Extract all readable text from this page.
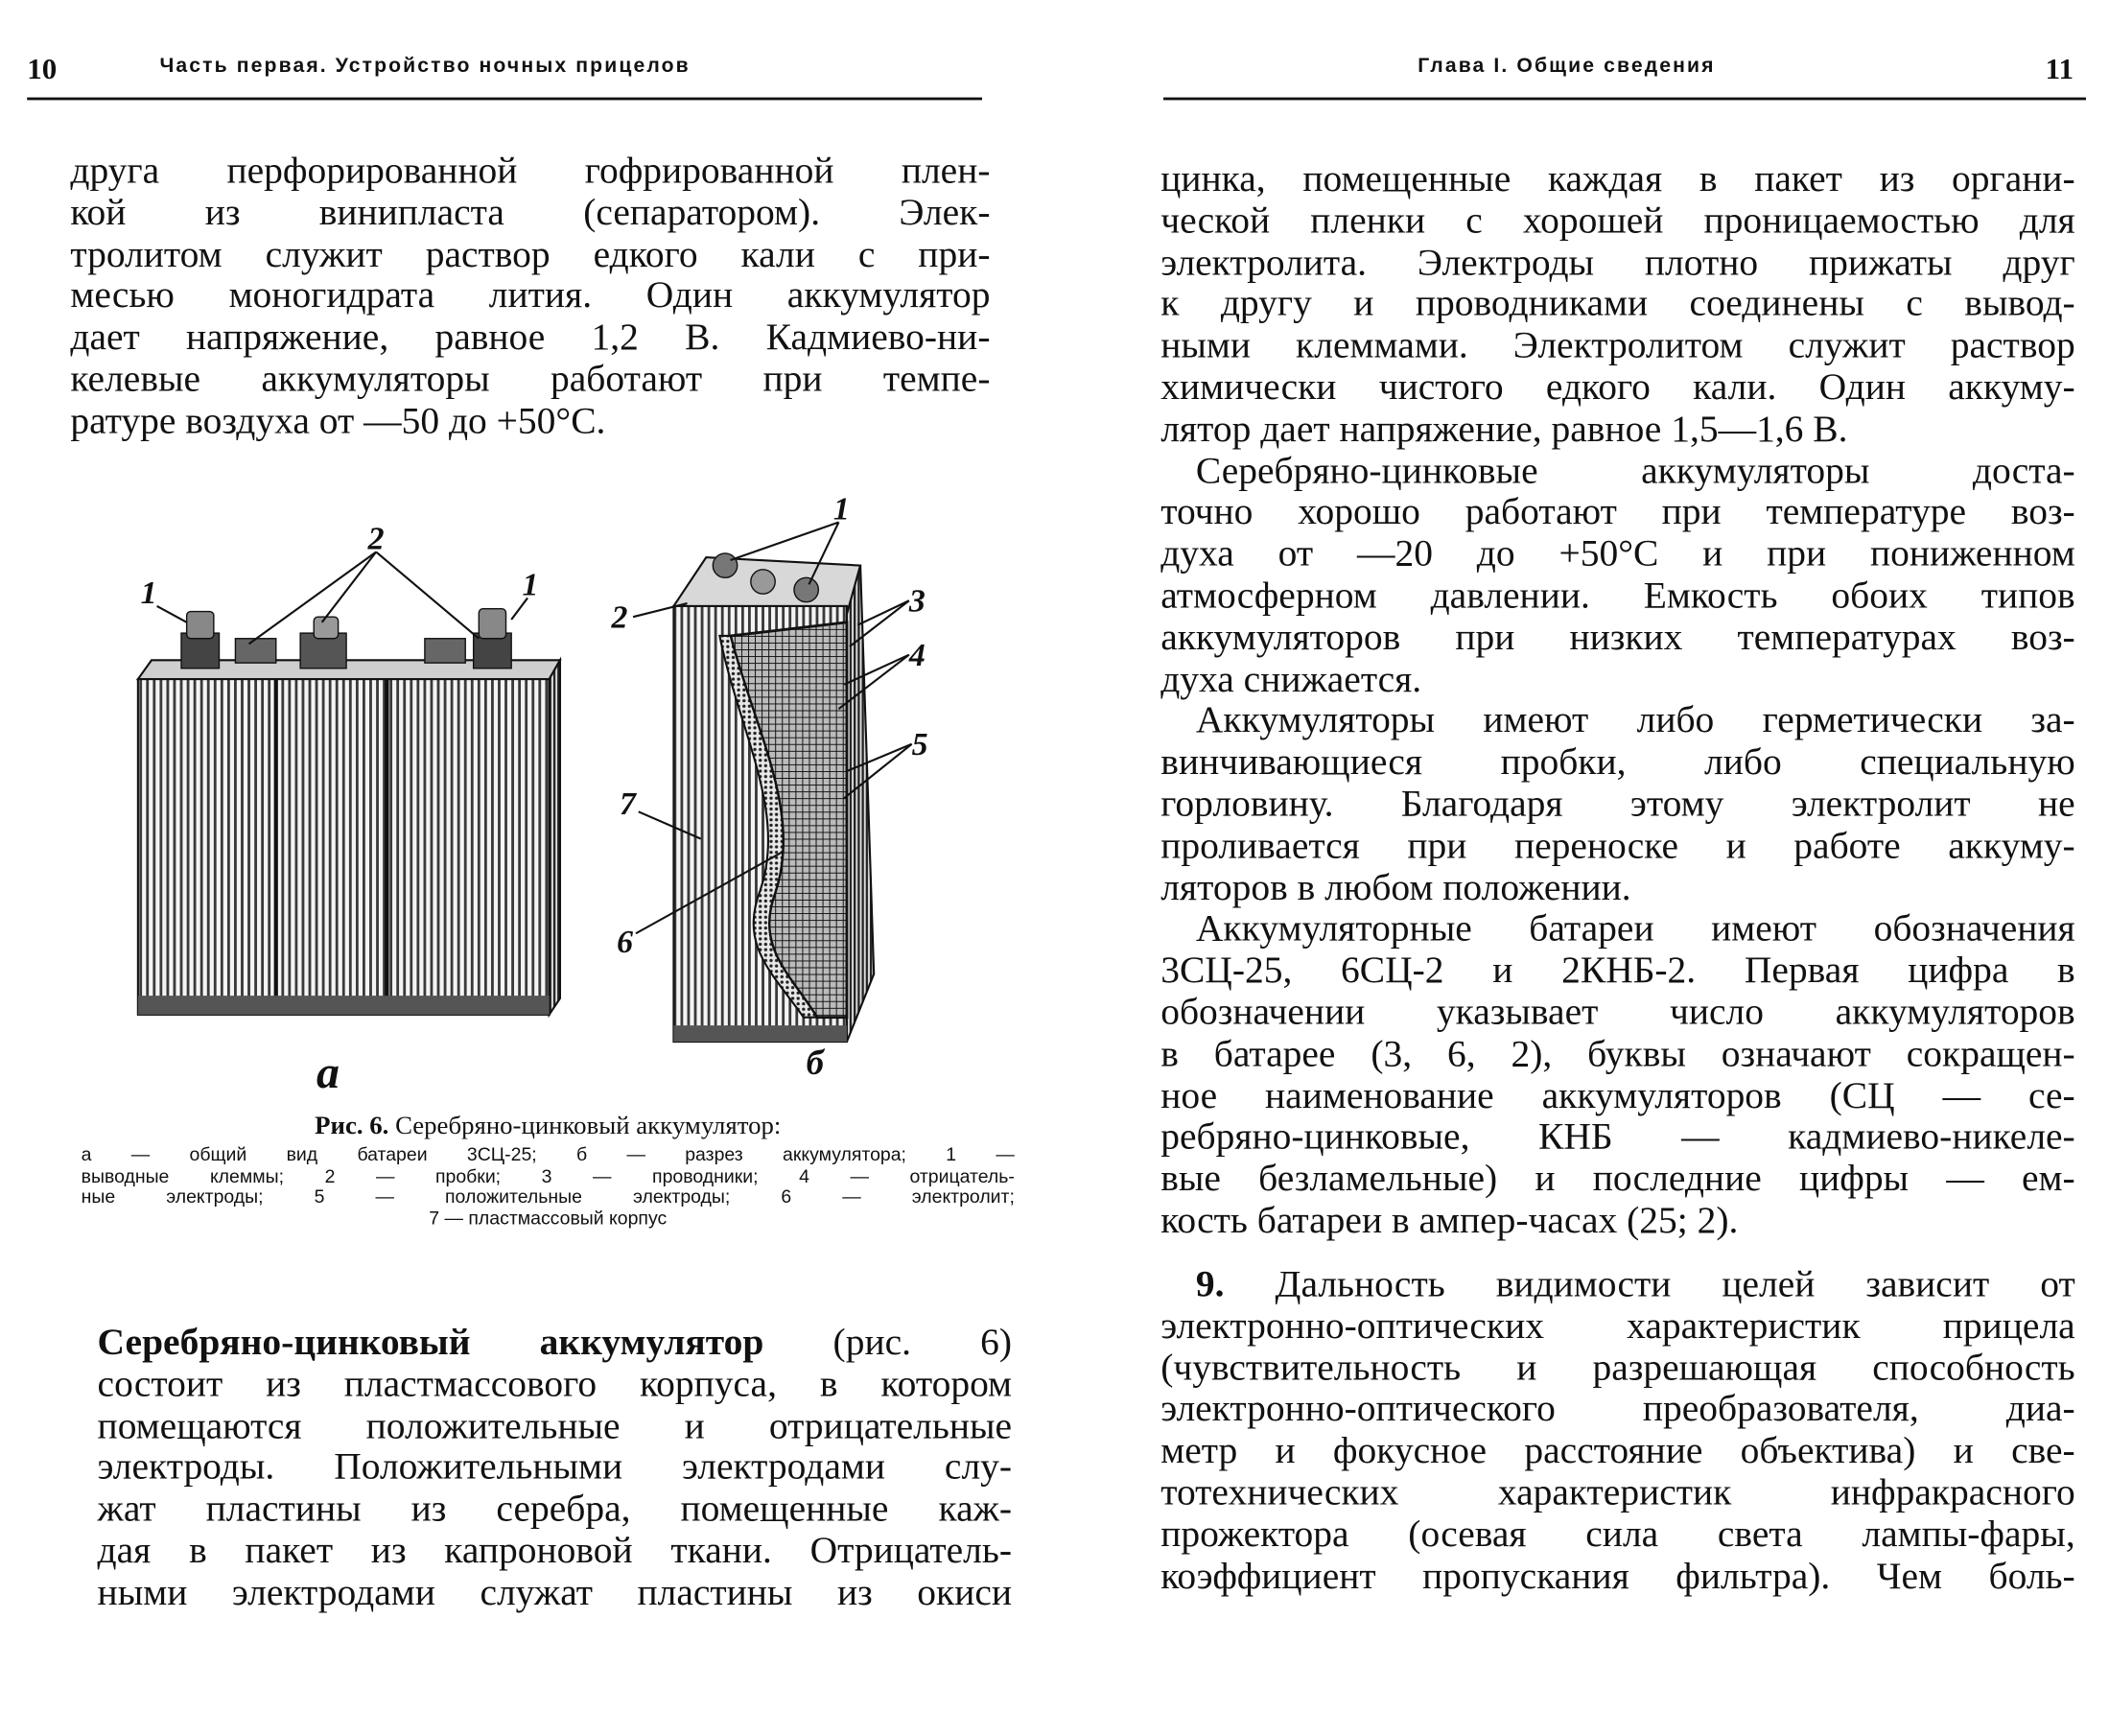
10	Часть первая. Устройство ночных прицелов	Глава I. Общие сведения	11
друга перфорированной гофрированной плен-
кой из винипласта (сепаратором). Элек-
тролитом служит раствор едкого кали с при-
месью моногидрата лития. Один аккумулятор
дает напряжение, равное 1,2 В. Кадмиево-ни-
келевые аккумуляторы работают при темпе-
ратуре воздуха от —50 до +50°С.
1	1
2
1
2	3
4
5
7
6
а	б
Рис. 6. Серебряно-цинковый аккумулятор:
а — общий вид батареи 3СЦ-25; б — разрез аккумулятора; 1 —
выводные клеммы; 2 — пробки; 3 — проводники; 4 — отрицатель-
ные электроды; 5 — положительные электроды; 6 — электролит;
7 — пластмассовый корпус
Серебряно-цинковый аккумулятор	(рис. 6)
состоит из пластмассового корпуса, в котором
помещаются положительные и отрицательные
электроды. Положительными электродами слу-
жат пластины из серебра, помещенные каж-
дая в пакет из капроновой ткани. Отрицатель-
ными электродами служат пластины из окиси
цинка, помещенные каждая в пакет из органи-
ческой пленки с хорошей проницаемостью для
электролита. Электроды плотно прижаты друг
к другу и проводниками соединены с вывод-
ными клеммами. Электролитом служит раствор
химически чистого едкого кали. Один аккуму-
лятор дает напряжение, равное 1,5—1,6 В.
Серебряно-цинковые аккумуляторы доста-
точно хорошо работают при температуре воз-
духа от —20 до +50°С и при пониженном
атмосферном давлении. Емкость обоих типов
аккумуляторов при низких температурах воз-
духа снижается.
Аккумуляторы имеют либо герметически за-
винчивающиеся пробки, либо специальную
горловину. Благодаря этому электролит не
проливается при переноске и работе аккуму-
ляторов в любом положении.
Аккумуляторные батареи имеют обозначения
3СЦ-25, 6СЦ-2 и 2КНБ-2. Первая цифра в
обозначении указывает число аккумуляторов
в батарее (3, 6, 2), буквы означают сокращен-
ное наименование аккумуляторов (СЦ — се-
ребряно-цинковые, КНБ — кадмиево-никеле-
вые безламельные) и последние цифры — ем-
кость батареи в ампер-часах (25; 2).
9. Дальность видимости целей зависит от
электронно-оптических характеристик прицела
(чувствительность и разрешающая способность
электронно-оптического преобразователя, диа-
метр и фокусное расстояние объектива) и све-
тотехнических характеристик инфракрасного
прожектора (осевая сила света лампы-фары,
коэффициент пропускания фильтра). Чем боль-
